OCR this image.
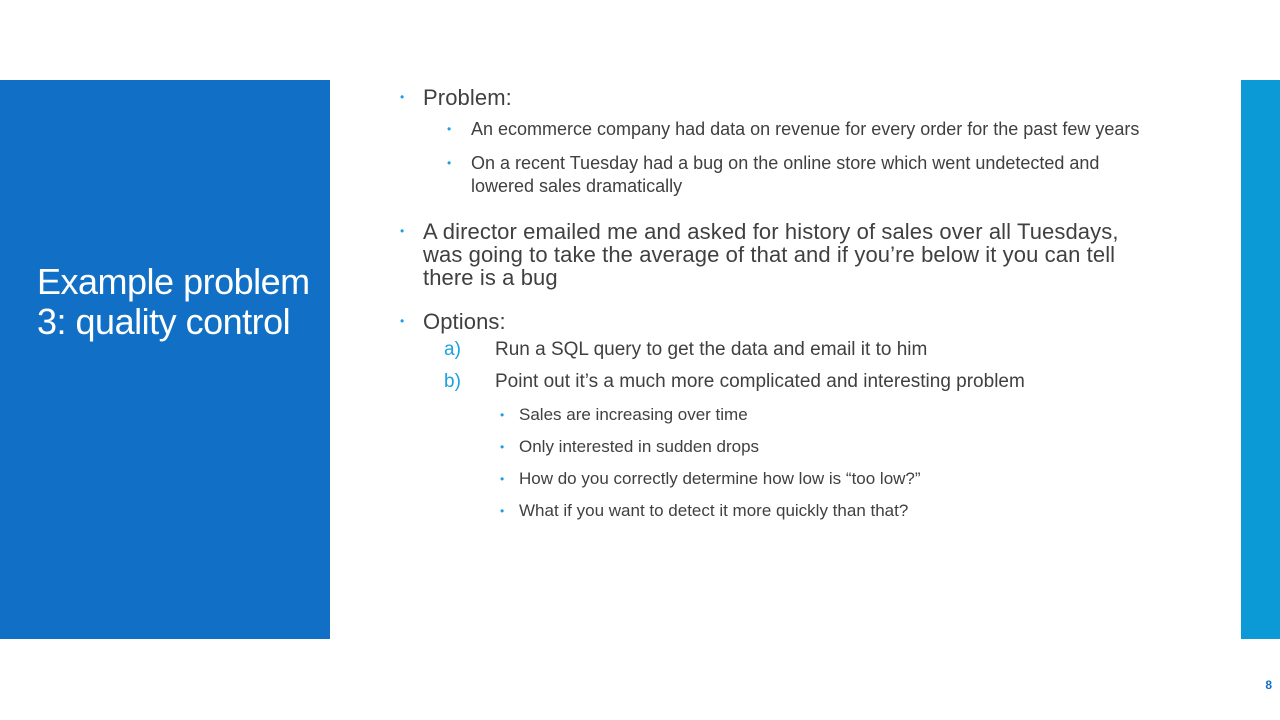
Example problem 3: quality control
8
• Problem:
• An ecommerce company had data on revenue for every order for the past few years
• On a recent Tuesday had a bug on the online store which went undetected and lowered sales dramatically
• A director emailed me and asked for history of sales over all Tuesdays, was going to take the average of that and if you’re below it you can tell there is a bug
• Options:
a) Run a SQL query to get the data and email it to him
b) Point out it’s a much more complicated and interesting problem
• Sales are increasing over time
• Only interested in sudden drops
• How do you correctly determine how low is “too low?”
• What if you want to detect it more quickly than that?
